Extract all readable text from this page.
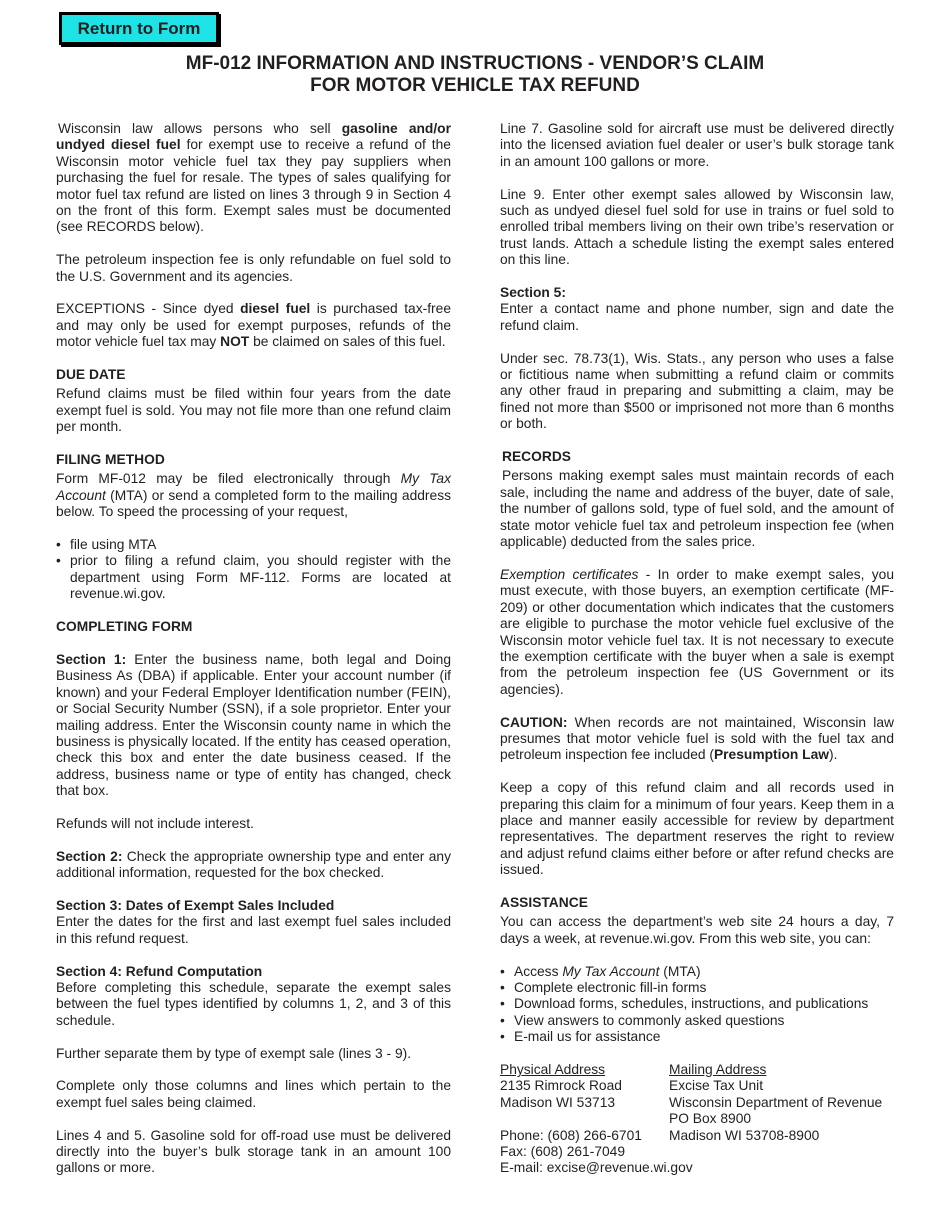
Return to Form
MF-012 INFORMATION AND INSTRUCTIONS - VENDOR’S CLAIM
FOR MOTOR VEHICLE TAX REFUND

Wisconsin law allows persons who sell gasoline and/or undyed diesel fuel for exempt use to receive a refund of the Wisconsin motor vehicle fuel tax they pay suppliers when purchasing the fuel for resale. The types of sales qualifying for motor fuel tax refund are listed on lines 3 through 9 in Section 4 on the front of this form. Exempt sales must be documented (see RECORDS below).

The petroleum inspection fee is only refundable on fuel sold to the U.S. Government and its agencies.

EXCEPTIONS - Since dyed diesel fuel is purchased tax-free and may only be used for exempt purposes, refunds of the motor vehicle fuel tax may NOT be claimed on sales of this fuel.

DUE DATE

Refund claims must be filed within four years from the date exempt fuel is sold. You may not file more than one refund claim per month.

FILING METHOD

Form MF-012 may be filed electronically through My Tax Account (MTA) or send a completed form to the mailing address below. To speed the processing of your request,

• file using MTA
• prior to filing a refund claim, you should register with the department using Form MF-112. Forms are located at revenue.wi.gov.
COMPLETING FORM

Section 1: Enter the business name, both legal and Doing Business As (DBA) if applicable. Enter your account number (if known) and your Federal Employer Identification number (FEIN), or Social Security Number (SSN), if a sole proprietor. Enter your mailing address. Enter the Wisconsin county name in which the business is physically located. If the entity has ceased operation, check this box and enter the date business ceased. If the address, business name or type of entity has changed, check that box.

Refunds will not include interest.

Section 2: Check the appropriate ownership type and enter any additional information, requested for the box checked.

Section 3: Dates of Exempt Sales Included

Enter the dates for the first and last exempt fuel sales included in this refund request.

Section 4: Refund Computation

Before completing this schedule, separate the exempt sales between the fuel types identified by columns 1, 2, and 3 of this schedule.

Further separate them by type of exempt sale (lines 3 - 9).

Complete only those columns and lines which pertain to the exempt fuel sales being claimed.

Lines 4 and 5. Gasoline sold for off-road use must be delivered directly into the buyer’s bulk storage tank in an amount 100 gallons or more.

Line 7. Gasoline sold for aircraft use must be delivered directly into the licensed aviation fuel dealer or user’s bulk storage tank in an amount 100 gallons or more.

Line 9. Enter other exempt sales allowed by Wisconsin law, such as undyed diesel fuel sold for use in trains or fuel sold to enrolled tribal members living on their own tribe’s reservation or trust lands. Attach a schedule listing the exempt sales entered on this line.

Section 5:

Enter a contact name and phone number, sign and date the refund claim.

Under sec. 78.73(1), Wis. Stats., any person who uses a false or fictitious name when submitting a refund claim or commits any other fraud in preparing and submitting a claim, may be fined not more than $500 or imprisoned not more than 6 months or both.

RECORDS

Persons making exempt sales must maintain records of each sale, including the name and address of the buyer, date of sale, the number of gallons sold, type of fuel sold, and the amount of state motor vehicle fuel tax and petroleum inspection fee (when applicable) deducted from the sales price.

Exemption certificates - In order to make exempt sales, you must execute, with those buyers, an exemption certificate (MF-209) or other documentation which indicates that the customers are eligible to purchase the motor vehicle fuel exclusive of the Wisconsin motor vehicle fuel tax. It is not necessary to execute the exemption certificate with the buyer when a sale is exempt from the petroleum inspection fee (US Government or its agencies).

CAUTION: When records are not maintained, Wisconsin law presumes that motor vehicle fuel is sold with the fuel tax and petroleum inspection fee included (Presumption Law).

Keep a copy of this refund claim and all records used in preparing this claim for a minimum of four years. Keep them in a place and manner easily accessible for review by department representatives. The department reserves the right to review and adjust refund claims either before or after refund checks are issued.

ASSISTANCE

You can access the department’s web site 24 hours a day, 7 days a week, at revenue.wi.gov. From this web site, you can:

• Access My Tax Account (MTA)
• Complete electronic fill-in forms
• Download forms, schedules, instructions, and publications
• View answers to commonly asked questions
• E-mail us for assistance
Physical Address
2135 Rimrock Road
Madison WI 53713
Phone: (608) 266-6701
Fax: (608) 261-7049
E-mail: excise@revenue.wi.gov
Mailing Address
Excise Tax Unit
Wisconsin Department of Revenue
PO Box 8900
Madison WI 53708-8900
